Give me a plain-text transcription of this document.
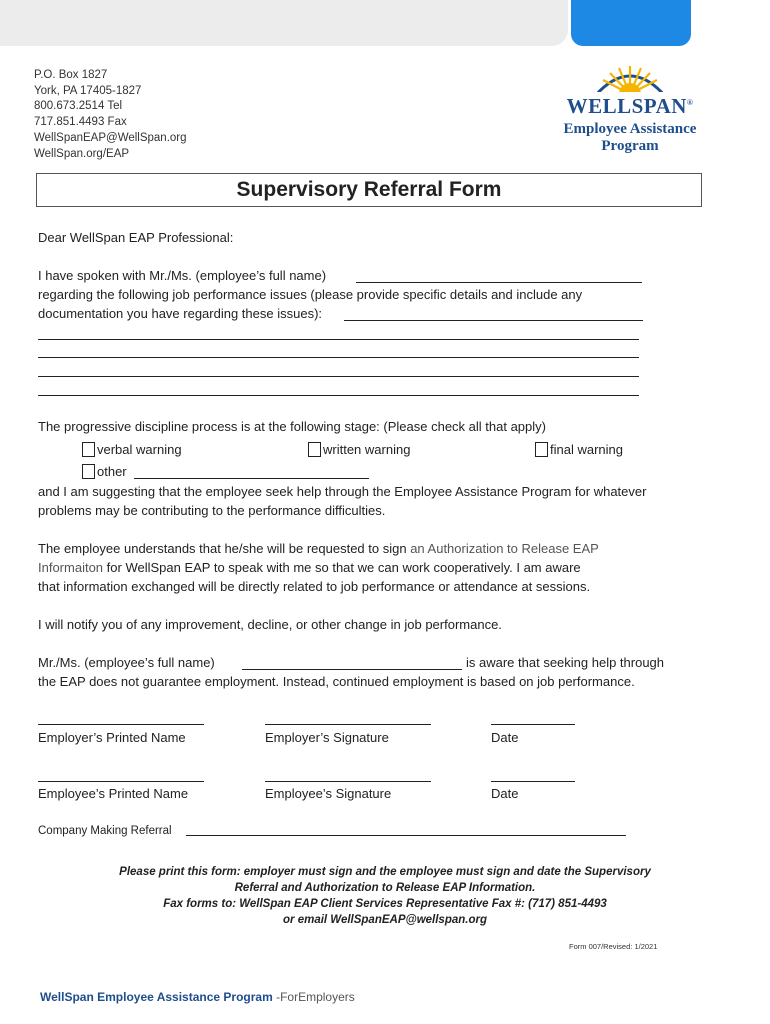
P.O. Box 1827
York, PA 17405-1827
800.673.2514 Tel
717.851.4493 Fax
WellSpanEAP@WellSpan.org
WellSpan.org/EAP
WELLSPAN®
Employee Assistance
Program
Supervisory Referral Form
Dear WellSpan EAP Professional:
I have spoken with Mr./Ms. (employee’s full name)
regarding the following job performance issues (please provide specific details and include any
documentation you have regarding these issues):
The progressive discipline process is at the following stage: (Please check all that apply)
verbal warning	written warning	final warning
other
and I am suggesting that the employee seek help through the Employee Assistance Program for whatever
problems may be contributing to the performance difficulties.
The employee understands that he/she will be requested to sign an Authorization to Release EAP
Informaiton for WellSpan EAP to speak with me so that we can work cooperatively. I am aware
that information exchanged will be directly related to job performance or attendance at sessions.
I will notify you of any improvement, decline, or other change in job performance.
Mr./Ms. (employee’s full name)	is aware that seeking help through
the EAP does not guarantee employment. Instead, continued employment is based on job performance.
Employer’s Printed Name	Employer’s Signature	Date
Employee’s Printed Name	Employee’s Signature	Date
Company Making Referral
Please print this form: employer must sign and the employee must sign and date the Supervisory
Referral and Authorization to Release EAP Information.
Fax forms to: WellSpan EAP Client Services Representative Fax #: (717) 851-4493
or email WellSpanEAP@wellspan.org
Form 007/Revised: 1/2021
WellSpan Employee Assistance Program -ForEmployers
